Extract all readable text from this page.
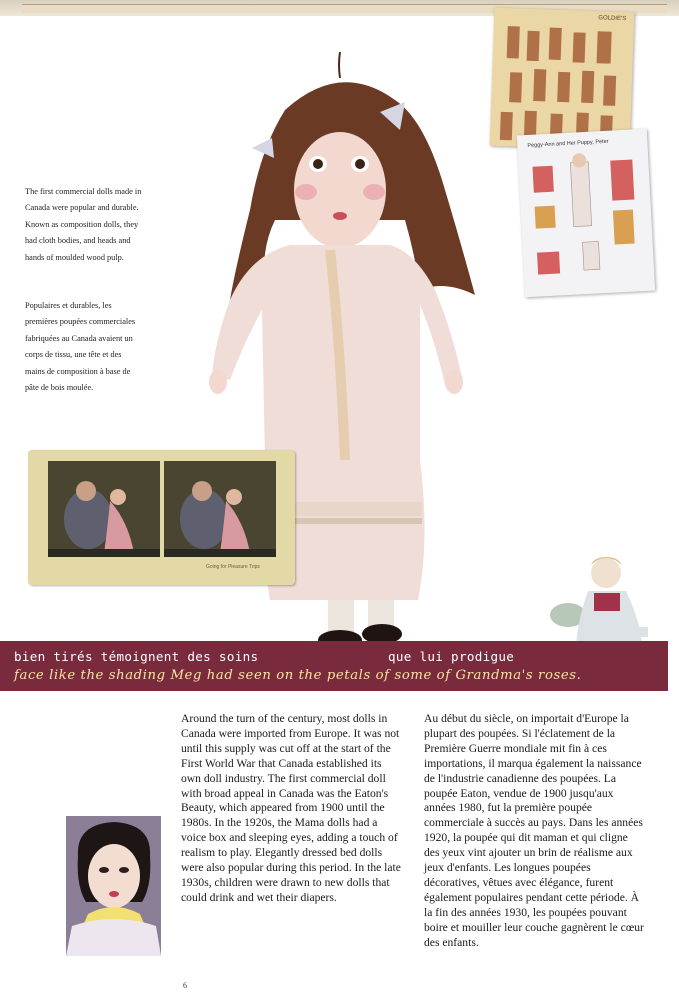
The first commercial dolls made in Canada were popular and durable. Known as composition dolls, they had cloth bodies, and heads and hands of moulded wood pulp.
Populaires et durables, les premières poupées commerciales fabriquées au Canada avaient un corps de tissu, une tête et des mains de composition à base de pâte de bois moulée.
GOLDIE'S
Peggy-Ann and Her Puppy, Peter
Going for Pleasure Trips
bien tirés témoignent des soins	que lui prodigue
face like the shading Meg had seen on the petals of some of Grandma's roses.
Around the turn of the century, most dolls in Canada were imported from Europe. It was not until this supply was cut off at the start of the First World War that Canada established its own doll industry. The first commercial doll with broad appeal in Canada was the Eaton's Beauty, which appeared from 1900 until the 1980s. In the 1920s, the Mama dolls had a voice box and sleeping eyes, adding a touch of realism to play. Elegantly dressed bed dolls were also popular during this period. In the late 1930s, children were drawn to new dolls that could drink and wet their diapers.
Au début du siècle, on importait d'Europe la plupart des poupées. Si l'éclatement de la Première Guerre mondiale mit fin à ces importations, il marqua également la naissance de l'industrie canadienne des poupées. La poupée Eaton, vendue de 1900 jusqu'aux années 1980, fut la première poupée commerciale à succès au pays. Dans les années 1920, la poupée qui dit maman et qui cligne des yeux vint ajouter un brin de réalisme aux jeux d'enfants. Les longues poupées décoratives, vêtues avec élégance, furent également populaires pendant cette période. À la fin des années 1930, les poupées pouvant boire et mouiller leur couche gagnèrent le cœur des enfants.
6
